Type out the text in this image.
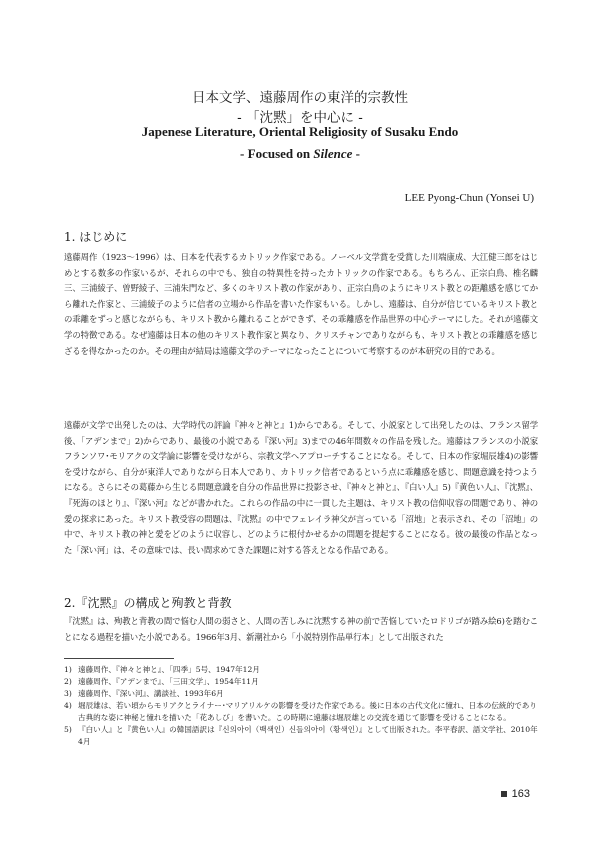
日本文学、遠藤周作の東洋的宗教性
- 「沈黙」を中心に -
Japenese Literature, Oriental Religiosity of Susaku Endo
- Focused on Silence -
LEE Pyong-Chun (Yonsei U)
1. はじめに
遠藤周作（1923～1996）は、日本を代表するカトリック作家である。ノーベル文学賞を受賞した川端康成、大江健三郎をはじめとする数多の作家いるが、それらの中でも、独自の特異性を持ったカトリックの作家である。もちろん、正宗白鳥、椎名麟三、三浦綾子、曽野綾子、三浦朱門など、多くのキリスト教の作家があり、正宗白鳥のようにキリスト教との距離感を感じてから離れた作家と、三浦綾子のように信者の立場から作品を書いた作家もいる。しかし、遠藤は、自分が信じているキリスト教との乖離をずっと感じながらも、キリスト教から離れることができず、その乖離感を作品世界の中心テーマにした。それが遠藤文学の特徴である。なぜ遠藤は日本の他のキリスト教作家と異なり、クリスチャンでありながらも、キリスト教との乖離感を感じざるを得なかったのか。その理由が結局は遠藤文学のテーマになったことについて考察するのが本研究の目的である。
遠藤が文学で出発したのは、大学時代の評論『神々と神と』1)からである。そして、小説家として出発したのは、フランス留学後、「アデンまで」2)からであり、最後の小説である『深い河』3)までの46年間数々の作品を残した。遠藤はフランスの小説家フランソワ･モリアクの文学論に影響を受けながら、宗教文学へアプローチすることになる。そして、日本の作家堀辰雄4)の影響を受けながら、自分が東洋人でありながら日本人であり、カトリック信者であるという点に乖離感を感じ、問題意識を持つようになる。さらにその葛藤から生じる問題意識を自分の作品世界に投影させ、『神々と神と』、『白い人』5)『黄色い人』、『沈黙』、『死海のほとり』、『深い河』などが書かれた。これらの作品の中に一貫した主題は、キリスト教の信仰収容の問題であり、神の愛の探求にあった。キリスト教受容の問題は、『沈黙』の中でフェレイラ神父が言っている「沼地」と表示され、その「沼地」の中で、キリスト教の神と愛をどのように収容し、どのように根付かせるかの問題を提起することになる。彼の最後の作品となった「深い河」は、その意味では、長い間求めてきた課題に対する答えとなる作品である。
2.『沈黙』の構成と殉教と背教
『沈黙』は、殉教と背教の間で悩む人間の弱さと、人間の苦しみに沈黙する神の前で苦悩していたロドリゴが踏み絵6)を踏むことになる過程を描いた小説である。1966年3月、新潮社から「小説特別作品単行本」として出版された
1) 遠藤周作、『神々と神と』、「四季」5号、1947年12月
2) 遠藤周作、『アデンまで』、「三田文学」、1954年11月
3) 遠藤周作、『深い河』、講談社、1993年6月
4) 堀辰雄は、若い頃からモリアクとライナー･マリアリルケの影響を受けた作家である。後に日本の古代文化に憧れ、日本の伝統的であり古典的な姿に神秘と憧れを描いた「花あしび」を書いた。この時期に遠藤は堀辰雄との交流を通じて影響を受けることになる。
5) 『白い人』と『黄色い人』の韓国語訳は『신의아이（백색인）신들의아이（황색인）』として出版された。李平春訳、語文学社、2010年4月
163
